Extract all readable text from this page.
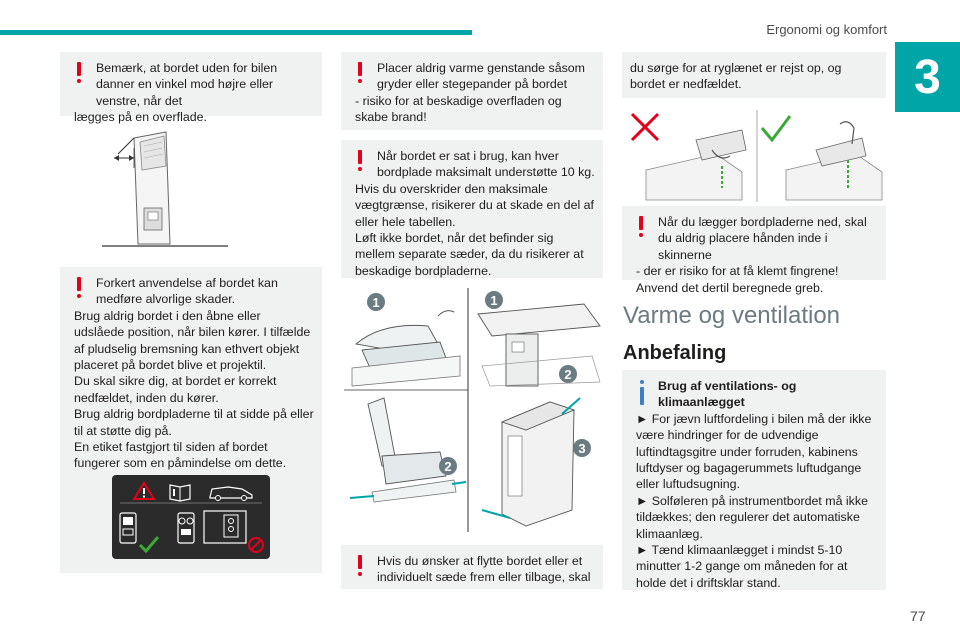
Ergonomi og komfort
3
Bemærk, at bordet uden for bilen danner en vinkel mod højre eller venstre, når det
lægges på en overflade.
Forkert anvendelse af bordet kan medføre alvorlige skader.
Brug aldrig bordet i den åbne eller udslåede position, når bilen kører. I tilfælde af pludselig bremsning kan ethvert objekt placeret på bordet blive et projektil.
Du skal sikre dig, at bordet er korrekt nedfældet, inden du kører.
Brug aldrig bordpladerne til at sidde på eller til at støtte dig på.
En etiket fastgjort til siden af bordet fungerer som en påmindelse om dette.
Placer aldrig varme genstande såsom gryder eller stegepander på bordet
- risiko for at beskadige overfladen og skabe brand!
Når bordet er sat i brug, kan hver bordplade maksimalt understøtte 10 kg.
Hvis du overskrider den maksimale vægtgrænse, risikerer du at skade en del af eller hele tabellen.
Løft ikke bordet, når det befinder sig mellem separate sæder, da du risikerer at beskadige bordpladerne.
1	1
2
2
3
Hvis du ønsker at flytte bordet eller et individuelt sæde frem eller tilbage, skal
du sørge for at ryglænet er rejst op, og bordet er nedfældet.
Når du lægger bordpladerne ned, skal du aldrig placere hånden inde i skinnerne
- der er risiko for at få klemt fingrene! Anvend det dertil beregnede greb.
Varme og ventilation
Anbefaling
Brug af ventilations- og klimaanlægget
► For jævn luftfordeling i bilen må der ikke være hindringer for de udvendige luftindtagsgitre under forruden, kabinens luftdyser og bagagerummets luftudgange eller luftudsugning.
► Solføleren på instrumentbordet må ikke tildækkes; den regulerer det automatiske klimaanlæg.
► Tænd klimaanlægget i mindst 5-10 minutter 1-2 gange om måneden for at holde det i driftsklar stand.
77
